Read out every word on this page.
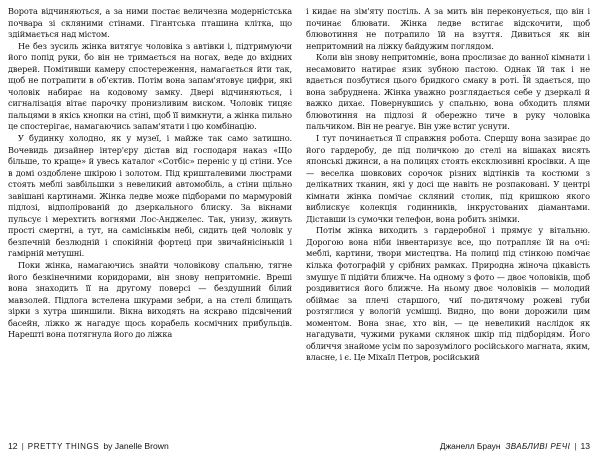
Ворота відчиняються, а за ними постає величезна модерністська почвара зі скляними стінами. Гігантська пташина клітка, що здіймається над містом.

Не без зусиль жінка витягує чоловіка з автівки і, підтримуючи його попід руки, бо він не тримається на ногах, веде до вхідних дверей. Помітивши камеру спостереження, намагається йти так, щоб не потрапити в об'єктив. Потім вона запам'ятовує цифри, які чоловік набирає на кодовому замку. Двері відчиняються, і сигналізація вітає парочку пронизливим виском. Чоловік тицяє пальцями в якісь кнопки на стіні, щоб її вимкнути, а жінка пильно це спостерігає, намагаючись запам'ятати і цю комбінацію.

У будинку холодно, як у музеї, і майже так само затишно. Вочевидь дизайнер інтер'єру дістав від господаря наказ «Що більше, то краще» й увесь каталог «Сотбіс» переніс у ці стіни. Усе в домі оздоблене шкірою і золотом. Під кришталевими люстрами стоять меблі завбільшки з невеликий автомобіль, а стіни щільно завішані картинами. Жінка ледве може підборами по мармуровій підлозі, відполірованій до дзеркального блиску. За вікнами пульсує і мерехтить вогнями Лос-Анджелес. Так, унизу, живуть прості смертні, а тут, на самісінькім небі, сидить цей чоловік у безпечній безлюдній і спокійній фортеці при звичайнісінькій і гамірній метушні.

Поки жінка, намагаючись знайти чоловікову спальню, тягне його безкінечними коридорами, він знову непритомніє. Вреші вона знаходить її на другому поверсі — бездушний білий мавзолей. Підлога встелена шкурами зебри, а на стелі блищать зірки з хутра шиншили. Вікна виходять на яскраво підсвічений басейн, ліжко ж нагадує щось корабель космічних прибульців. Нарешті вона потягнула його до ліжка

12 | PRETTY THINGS by Janelle Brown

і кидає на зім'яту постіль. А за мить він переконується, що він і починає блювати. Жінка ледве встигає відскочити, щоб блювотиння не потрапило їй на взуття. Дивиться як він непритомний на ліжку байдужим поглядом.

Коли він знову непритомніє, вона прослизає до ванної кімнати і несамовито натирає язик зубною пастою. Однак їй так і не вдається позбутися цього бридкого смаку в роті. Їй здається, що вона забруднена. Жінка уважно розглядається себе у дзеркалі й важко дихає. Повернувшись у спальню, вона обходить плями блювотиння на підлозі й обережно тиче в руку чоловіка пальчиком. Він не реагує. Він уже встиг уснути.

І тут починається її справжня робота. Спершу вона зазирає до його гардеробу, де під поличкою до стелі на вішаках висять японські джинси, а на полицях стоять ексклюзивні кросівки. А ще — веселка шовкових сорочок різних відтінків та костюми з делікатних тканин, які у досі ще навіть не розпаковані. У центрі кімнати жінка помічає скляний столик, під кришкою якого виблискує колекція годинників, інкрустованих діамантами. Діставши із сумочки телефон, вона робить знімки.

Потім жінка виходить з гардеробної і прямує у вітальню. Дорогою вона ніби інвентаризує все, що потрапляє їй на очі: меблі, картини, твори мистецтва. На полиці під стінкою помічає кілька фотографій у срібних рамках. Природна жіноча цікавість змушує її підійти ближче. На одному з фото — двоє чоловіків, щоб роздивитися його ближче. На ньому двоє чоловіків — молодий обіймає за плечі старшого, чиї по-дитячому рожеві губи розтяглися у вологій усмішці. Видно, що вони дорожили цим моментом. Вона знає, хто він, — це невеликий наслідок як нагадувати, чужими руками склянок шкір під підборідям. Його обличчя знайоме усім по зарозумілого російського магната, яким, власне, і є. Це Міхаїл Петров, російський

Джанелл Браун ЗВАБЛИВІ РЕЧІ | 13
